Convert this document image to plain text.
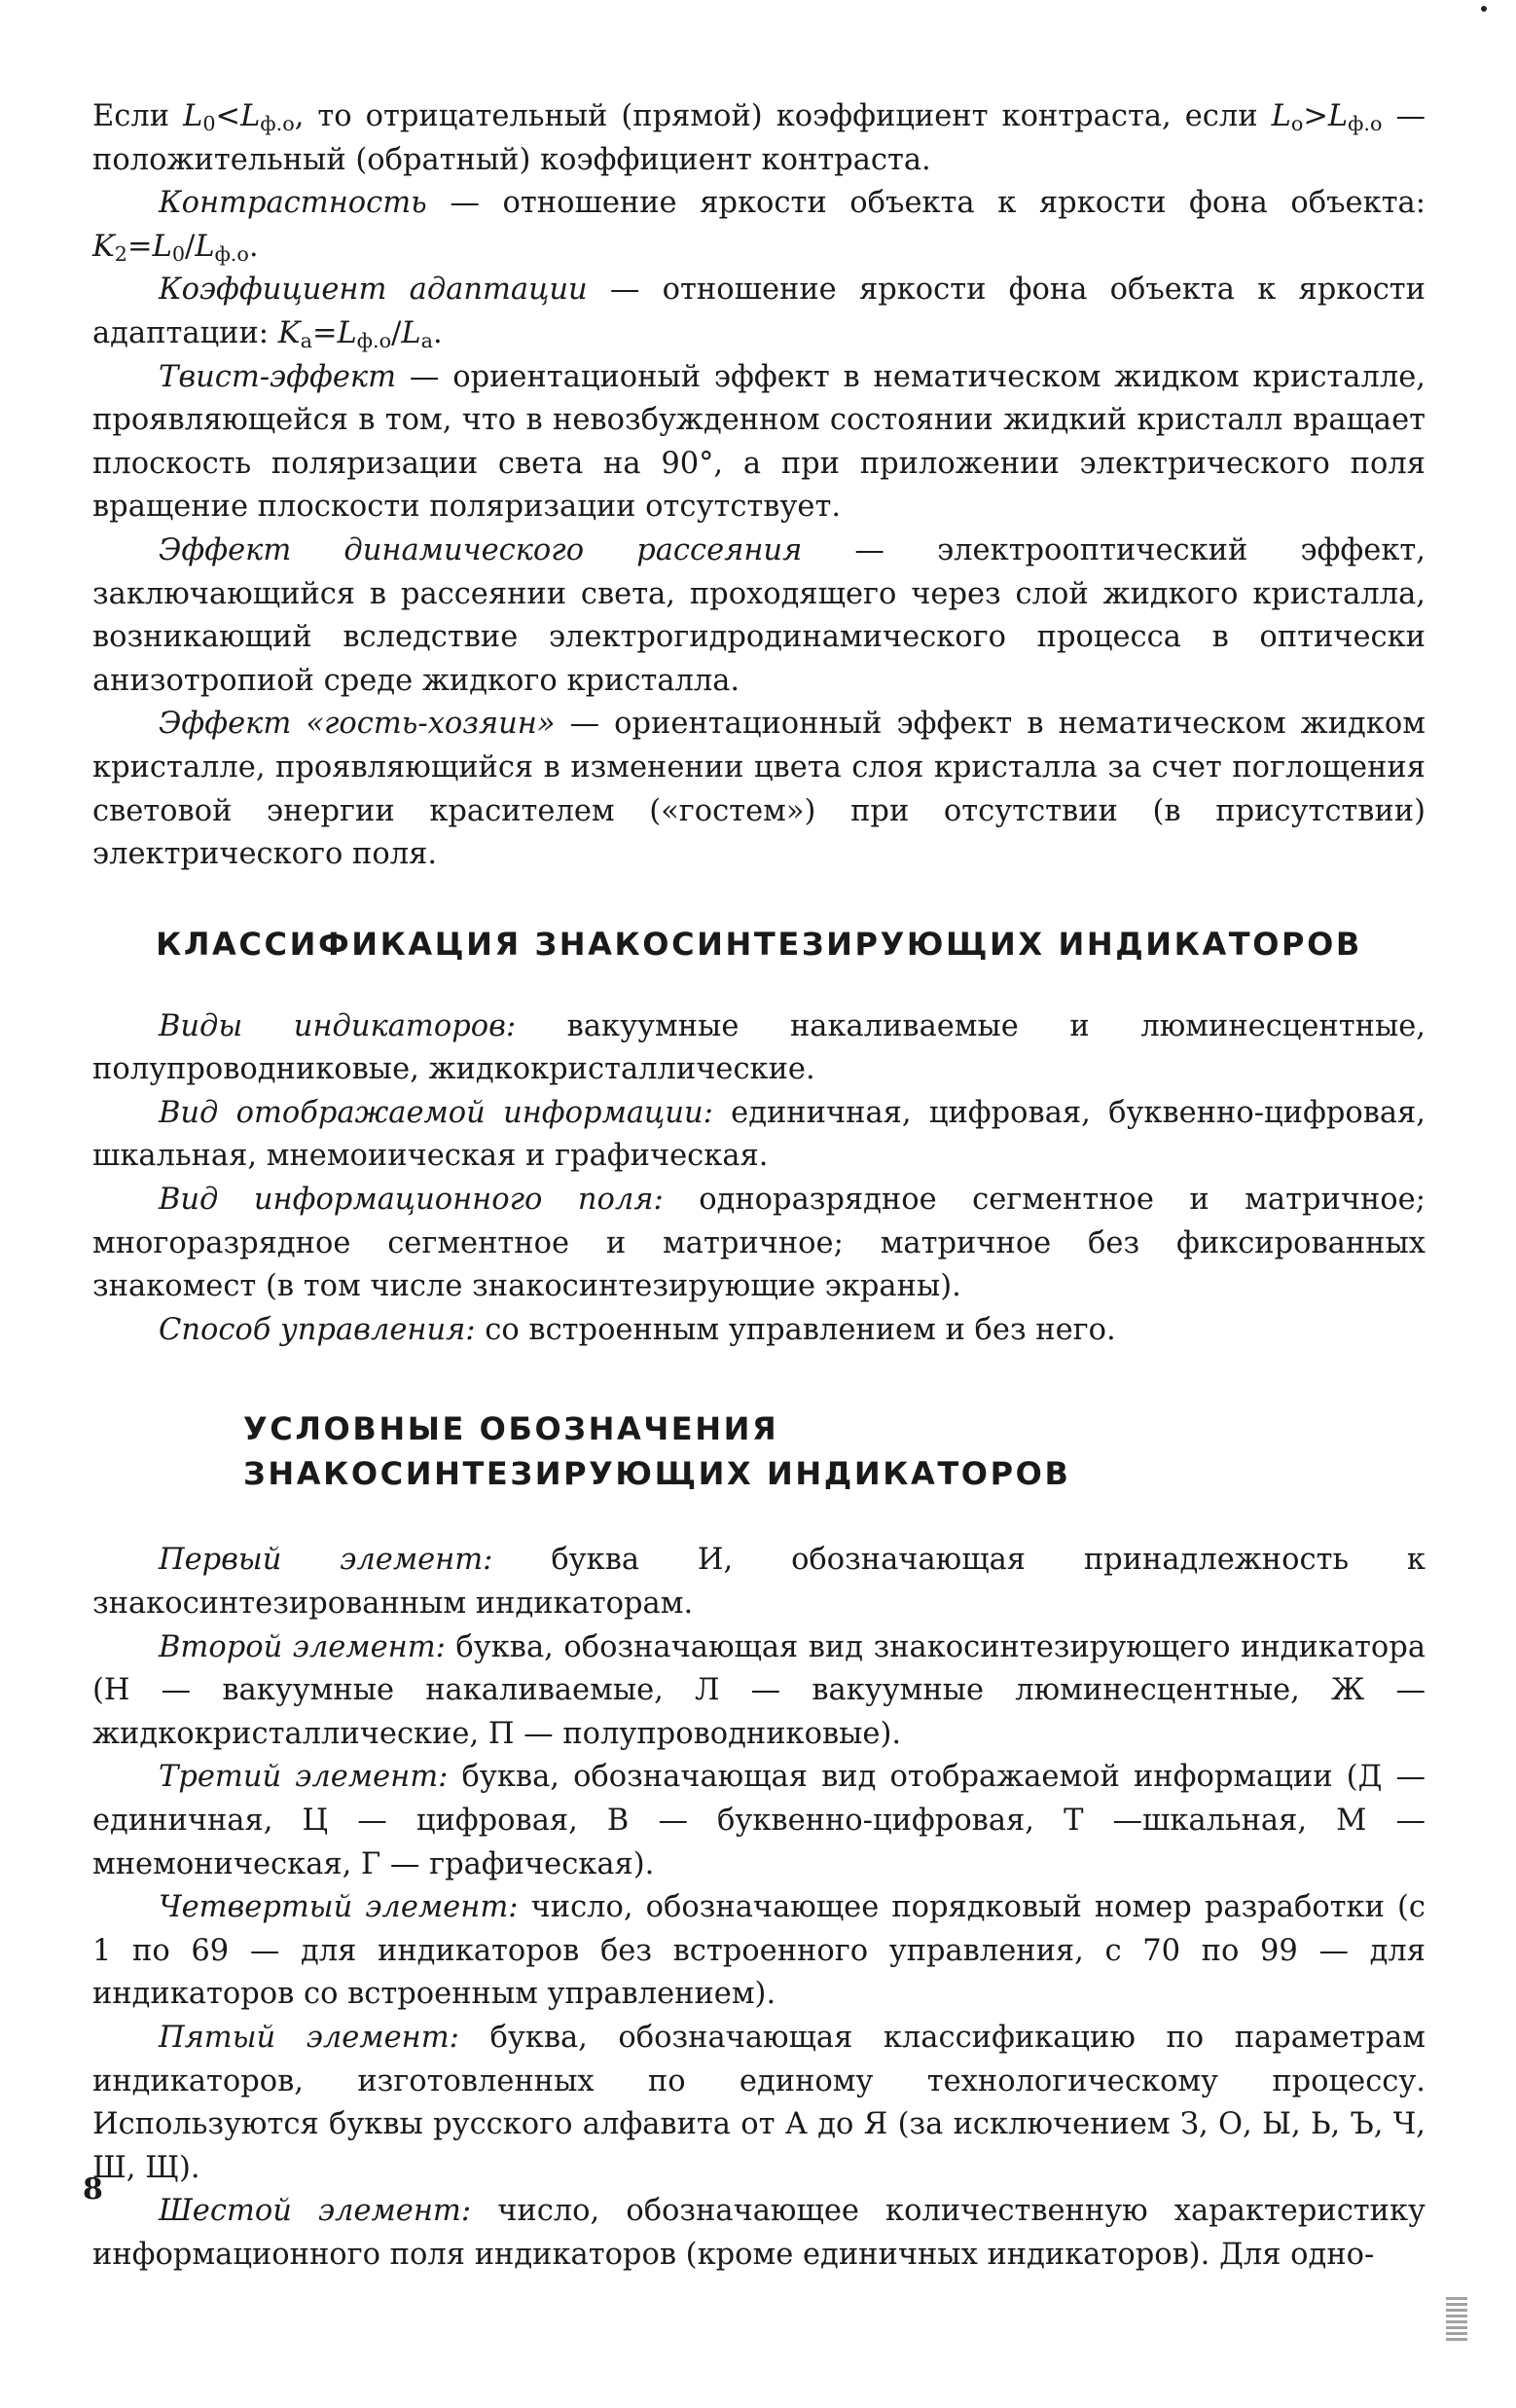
Если $L_0<L_{ф.о}$, то отрицательный (прямой) коэффициент контраста, если $L_о>L_{ф.о}$ — положительный (обратный) коэффициент контраста.

Контрастность — отношение яркости объекта к яркости фона объекта: $K_2=L_0/L_{ф.о}$.

Коэффициент адаптации — отношение яркости фона объекта к яркости адаптации: $K_а=L_{ф.о}/L_а$.

Твист-эффект — ориентационый эффект в нематическом жидком кристалле, проявляющейся в том, что в невозбужденном состоянии жидкий кристалл вращает плоскость поляризации света на 90°, а при приложении электрического поля вращение плоскости поляризации отсутствует.

Эффект динамического рассеяния — электрооптический эффект, заключающийся в рассеянии света, проходящего через слой жидкого кристалла, возникающий вследствие электрогидродинамического процесса в оптически анизотропиой среде жидкого кристалла.

Эффект «гость-хозяин» — ориентационный эффект в нематическом жидком кристалле, проявляющийся в изменении цвета слоя кристалла за счет поглощения световой энергии красителем («гостем») при отсутствии (в присутствии) электрического поля.

КЛАССИФИКАЦИЯ ЗНАКОСИНТЕЗИРУЮЩИХ ИНДИКАТОРОВ

Виды индикаторов: вакуумные накаливаемые и люминесцентные, полупроводниковые, жидкокристаллические.

Вид отображаемой информации: единичная, цифровая, буквенно-цифровая, шкальная, мнемоиическая и графическая.

Вид информационного поля: одноразрядное сегментное и матричное; многоразрядное сегментное и матричное; матричное без фиксированных знакомест (в том числе знакосинтезирующие экраны).

Способ управления: со встроенным управлением и без него.

УСЛОВНЫЕ ОБОЗНАЧЕНИЯ
ЗНАКОСИНТЕЗИРУЮЩИХ ИНДИКАТОРОВ

Первый элемент: буква И, обозначающая принадлежность к знакосинтезированным индикаторам.

Второй элемент: буква, обозначающая вид знакосинтезирующего индикатора (Н — вакуумные накаливаемые, Л — вакуумные люминесцентные, Ж — жидкокристаллические, П — полупроводниковые).

Третий элемент: буква, обозначающая вид отображаемой информации (Д — единичная, Ц — цифровая, В — буквенно-цифровая, Т —шкальная, М — мнемоническая, Г — графическая).

Четвертый элемент: число, обозначающее порядковый номер разработки (с 1 по 69 — для индикаторов без встроенного управления, с 70 по 99 — для индикаторов со встроенным управлением).

Пятый элемент: буква, обозначающая классификацию по параметрам индикаторов, изготовленных по единому технологическому процессу. Используются буквы русского алфавита от А до Я (за исключением З, О, Ы, Ь, Ъ, Ч, Ш, Щ).

Шестой элемент: число, обозначающее количественную характеристику информационного поля индикаторов (кроме единичных индикаторов). Для одно-

8
